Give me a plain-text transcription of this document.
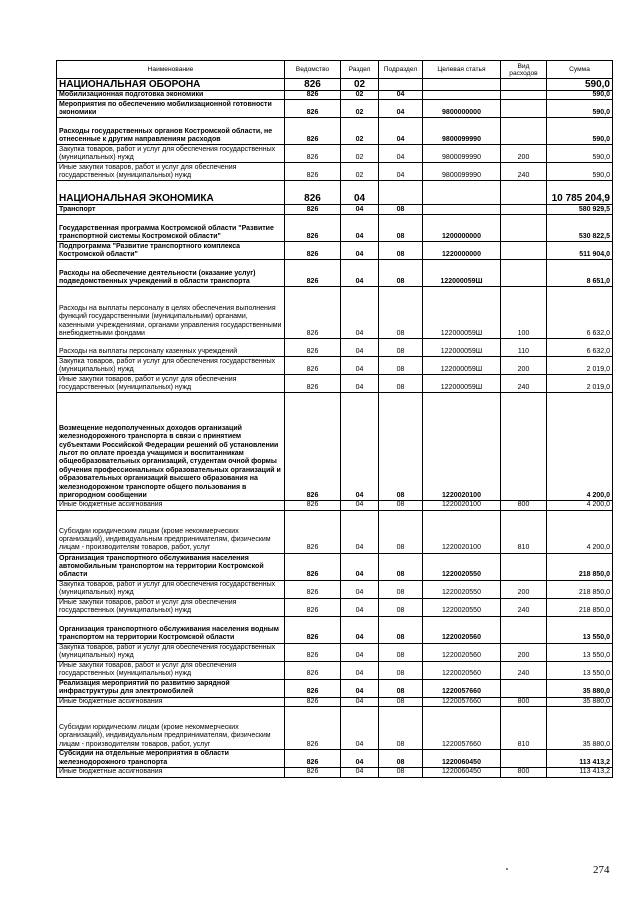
Наименование	Ведомство	Раздел	Подраздел	Целевая статья	Вид расходов	Сумма
НАЦИОНАЛЬНАЯ ОБОРОНА	826	02				590,0
Мобилизационная подготовка экономики	826	02	04			590,0
Мероприятия по обеспечению мобилизационной готовности экономики	826	02	04	9800000000		590,0
Расходы государственных органов Костромской области, не отнесенные к другим направлениям расходов	826	02	04	9800099990		590,0
Закупка товаров, работ и услуг для обеспечения государственных (муниципальных) нужд	826	02	04	9800099990	200	590,0
Иные закупки товаров, работ и услуг для обеспечения государственных (муниципальных) нужд	826	02	04	9800099990	240	590,0
НАЦИОНАЛЬНАЯ ЭКОНОМИКА	826	04				10 785 204,9
Транспорт	826	04	08			580 929,5
Государственная программа Костромской области "Развитие транспортной системы Костромской области"	826	04	08	1200000000		530 822,5
Подпрограмма "Развитие транспортного комплекса Костромской области"	826	04	08	1220000000		511 904,0
Расходы на обеспечение деятельности (оказание услуг) подведомственных учреждений в области транспорта	826	04	08	122000059Ш		8 651,0
Расходы на выплаты персоналу в целях обеспечения выполнения функций государственными (муниципальными) органами, казенными учреждениями, органами управления государственными внебюджетными фондами	826	04	08	122000059Ш	100	6 632,0
Расходы на выплаты персоналу казенных учреждений	826	04	08	122000059Ш	110	6 632,0
Закупка товаров, работ и услуг для обеспечения государственных (муниципальных) нужд	826	04	08	122000059Ш	200	2 019,0
Иные закупки товаров, работ и услуг для обеспечения государственных (муниципальных) нужд	826	04	08	122000059Ш	240	2 019,0
Возмещение недополученных доходов организаций железнодорожного транспорта в связи с принятием субъектами Российской Федерации решений об установлении льгот по оплате проезда учащимся и воспитанникам общеобразовательных организаций, студентам очной формы обучения профессиональных образовательных организаций и образовательных организаций высшего образования на железнодорожном транспорте общего пользования в пригородном сообщении	826	04	08	1220020100		4 200,0
Иные бюджетные ассигнования	826	04	08	1220020100	800	4 200,0
Субсидии юридическим лицам (кроме некоммерческих организаций), индивидуальным предпринимателям, физическим лицам - производителям товаров, работ, услуг	826	04	08	1220020100	810	4 200,0
Организация транспортного обслуживания населения автомобильным транспортом на территории Костромской области	826	04	08	1220020550		218 850,0
Закупка товаров, работ и услуг для обеспечения государственных (муниципальных) нужд	826	04	08	1220020550	200	218 850,0
Иные закупки товаров, работ и услуг для обеспечения государственных (муниципальных) нужд	826	04	08	1220020550	240	218 850,0
Организация транспортного обслуживания населения водным транспортом на территории Костромской области	826	04	08	1220020560		13 550,0
Закупка товаров, работ и услуг для обеспечения государственных (муниципальных) нужд	826	04	08	1220020560	200	13 550,0
Иные закупки товаров, работ и услуг для обеспечения государственных (муниципальных) нужд	826	04	08	1220020560	240	13 550,0
Реализация мероприятий по развитию зарядной инфраструктуры для электромобилей	826	04	08	1220057660		35 880,0
Иные бюджетные ассигнования	826	04	08	1220057660	800	35 880,0
Субсидии юридическим лицам (кроме некоммерческих организаций), индивидуальным предпринимателям, физическим лицам - производителям товаров, работ, услуг	826	04	08	1220057660	810	35 880,0
Субсидии на отдельные мероприятия в области железнодорожного транспорта	826	04	08	1220060450		113 413,2
Иные бюджетные ассигнования	826	04	08	1220060450	800	113 413,2
274
